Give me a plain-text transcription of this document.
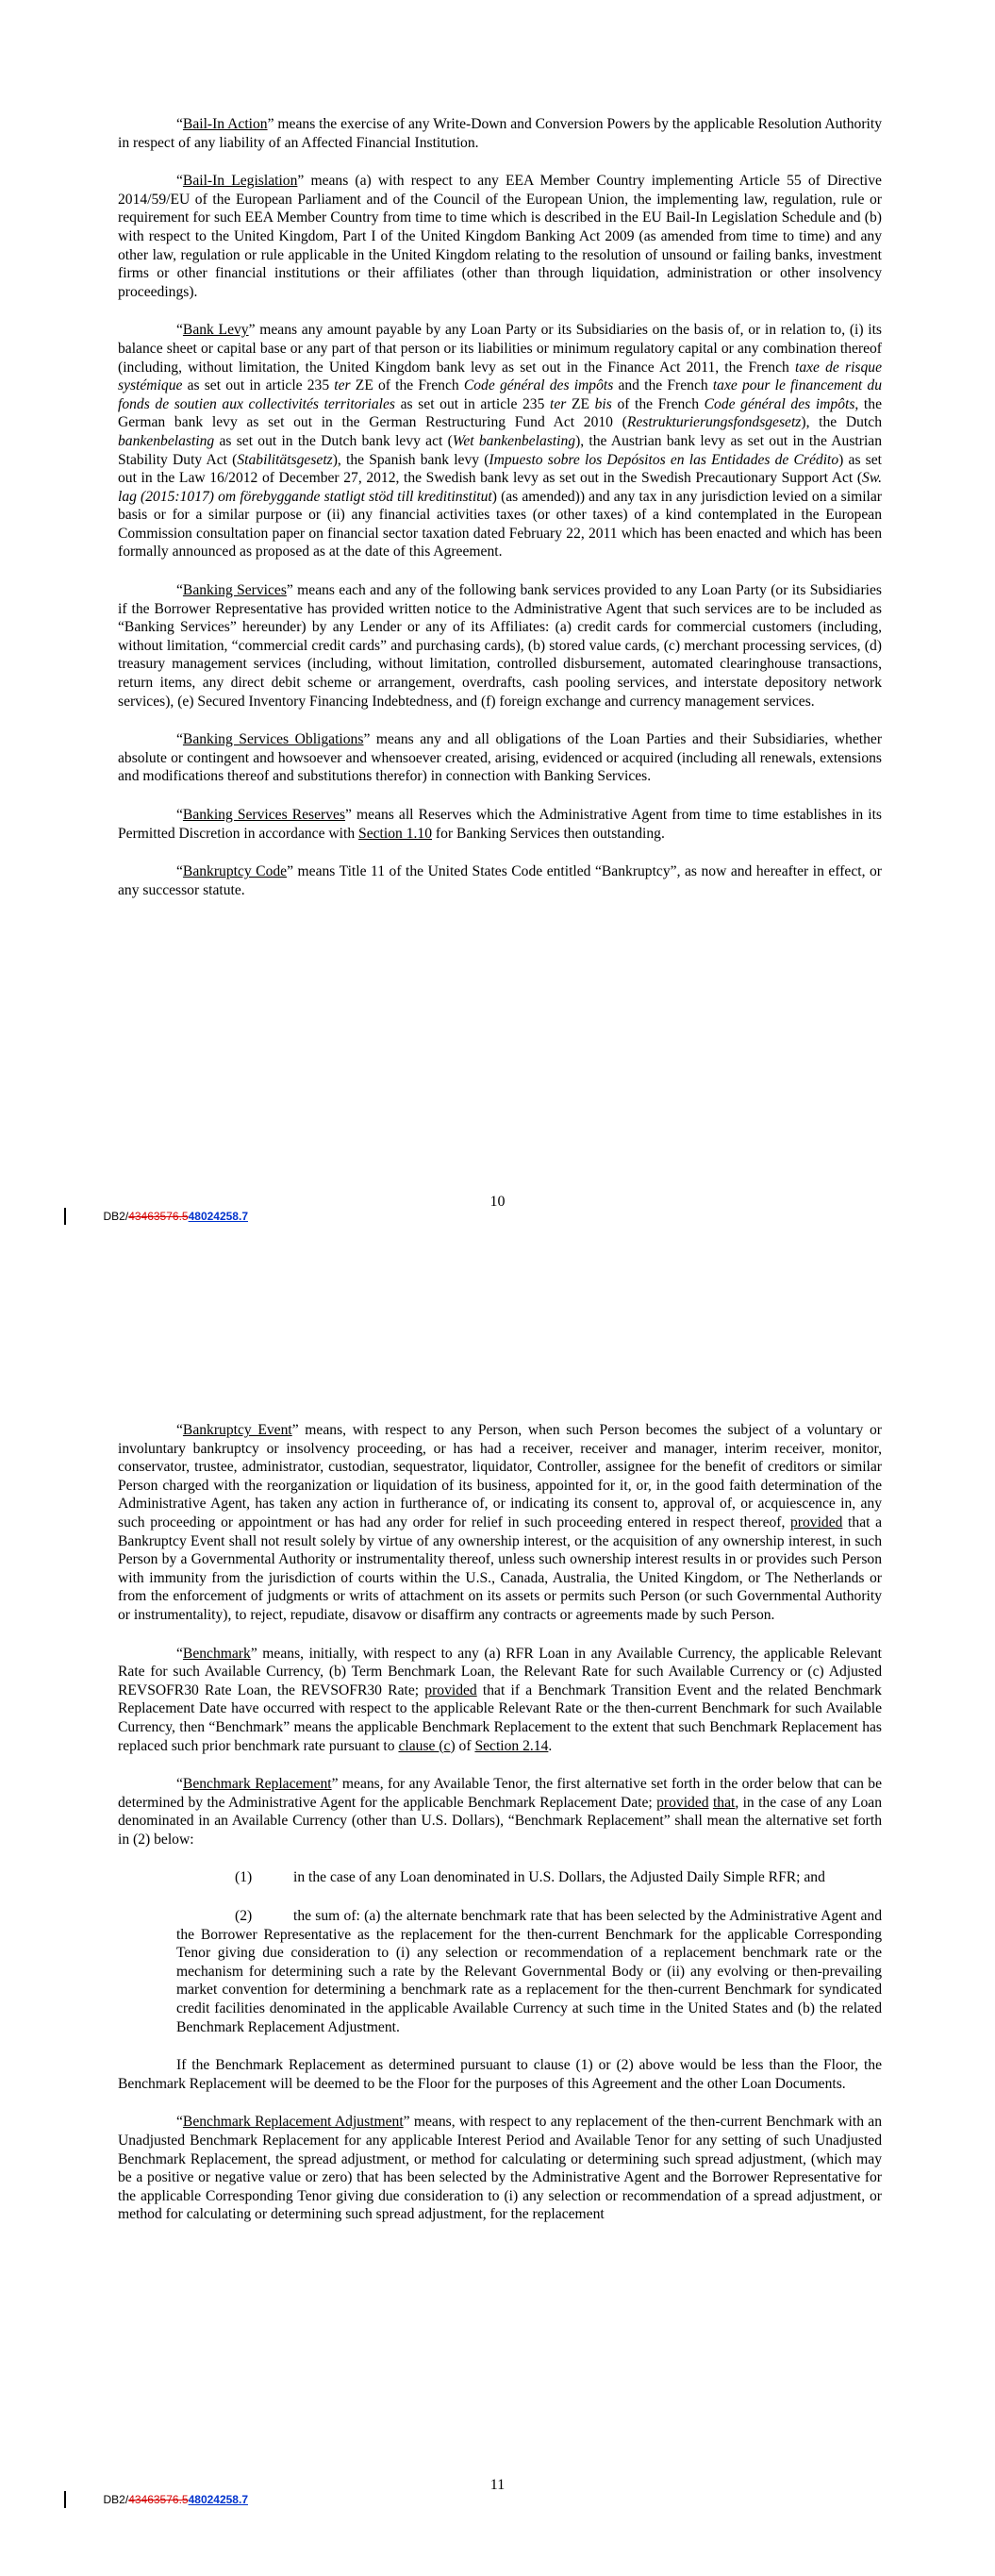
“Bail-In Action” means the exercise of any Write-Down and Conversion Powers by the applicable Resolution Authority in respect of any liability of an Affected Financial Institution.

“Bail-In Legislation” means (a) with respect to any EEA Member Country implementing Article 55 of Directive 2014/59/EU of the European Parliament and of the Council of the European Union, the implementing law, regulation, rule or requirement for such EEA Member Country from time to time which is described in the EU Bail-In Legislation Schedule and (b) with respect to the United Kingdom, Part I of the United Kingdom Banking Act 2009 (as amended from time to time) and any other law, regulation or rule applicable in the United Kingdom relating to the resolution of unsound or failing banks, investment firms or other financial institutions or their affiliates (other than through liquidation, administration or other insolvency proceedings).

“Bank Levy” means any amount payable by any Loan Party or its Subsidiaries on the basis of, or in relation to, (i) its balance sheet or capital base or any part of that person or its liabilities or minimum regulatory capital or any combination thereof (including, without limitation, the United Kingdom bank levy as set out in the Finance Act 2011, the French taxe de risque systémique as set out in article 235 ter ZE of the French Code général des impôts and the French taxe pour le financement du fonds de soutien aux collectivités territoriales as set out in article 235 ter ZE bis of the French Code général des impôts, the German bank levy as set out in the German Restructuring Fund Act 2010 (Restrukturierungsfondsgesetz), the Dutch bankenbelasting as set out in the Dutch bank levy act (Wet bankenbelasting), the Austrian bank levy as set out in the Austrian Stability Duty Act (Stabilitätsgesetz), the Spanish bank levy (Impuesto sobre los Depósitos en las Entidades de Crédito) as set out in the Law 16/2012 of December 27, 2012, the Swedish bank levy as set out in the Swedish Precautionary Support Act (Sw. lag (2015:1017) om förebyggande statligt stöd till kreditinstitut) (as amended)) and any tax in any jurisdiction levied on a similar basis or for a similar purpose or (ii) any financial activities taxes (or other taxes) of a kind contemplated in the European Commission consultation paper on financial sector taxation dated February 22, 2011 which has been enacted and which has been formally announced as proposed as at the date of this Agreement.

“Banking Services” means each and any of the following bank services provided to any Loan Party (or its Subsidiaries if the Borrower Representative has provided written notice to the Administrative Agent that such services are to be included as “Banking Services” hereunder) by any Lender or any of its Affiliates: (a) credit cards for commercial customers (including, without limitation, “commercial credit cards” and purchasing cards), (b) stored value cards, (c) merchant processing services, (d) treasury management services (including, without limitation, controlled disbursement, automated clearinghouse transactions, return items, any direct debit scheme or arrangement, overdrafts, cash pooling services, and interstate depository network services), (e) Secured Inventory Financing Indebtedness, and (f) foreign exchange and currency management services.

“Banking Services Obligations” means any and all obligations of the Loan Parties and their Subsidiaries, whether absolute or contingent and howsoever and whensoever created, arising, evidenced or acquired (including all renewals, extensions and modifications thereof and substitutions therefor) in connection with Banking Services.

“Banking Services Reserves” means all Reserves which the Administrative Agent from time to time establishes in its Permitted Discretion in accordance with Section 1.10 for Banking Services then outstanding.

“Bankruptcy Code” means Title 11 of the United States Code entitled “Bankruptcy”, as now and hereafter in effect, or any successor statute.

10
DB2/ 43463576.5 48024258.7

“Bankruptcy Event” means, with respect to any Person, when such Person becomes the subject of a voluntary or involuntary bankruptcy or insolvency proceeding, or has had a receiver, receiver and manager, interim receiver, monitor, conservator, trustee, administrator, custodian, sequestrator, liquidator, Controller, assignee for the benefit of creditors or similar Person charged with the reorganization or liquidation of its business, appointed for it, or, in the good faith determination of the Administrative Agent, has taken any action in furtherance of, or indicating its consent to, approval of, or acquiescence in, any such proceeding or appointment or has had any order for relief in such proceeding entered in respect thereof, provided that a Bankruptcy Event shall not result solely by virtue of any ownership interest, or the acquisition of any ownership interest, in such Person by a Governmental Authority or instrumentality thereof, unless such ownership interest results in or provides such Person with immunity from the jurisdiction of courts within the U.S., Canada, Australia, the United Kingdom, or The Netherlands or from the enforcement of judgments or writs of attachment on its assets or permits such Person (or such Governmental Authority or instrumentality), to reject, repudiate, disavow or disaffirm any contracts or agreements made by such Person.

“Benchmark” means, initially, with respect to any (a) RFR Loan in any Available Currency, the applicable Relevant Rate for such Available Currency, (b) Term Benchmark Loan, the Relevant Rate for such Available Currency or (c) Adjusted REVSOFR30 Rate Loan, the REVSOFR30 Rate; provided that if a Benchmark Transition Event and the related Benchmark Replacement Date have occurred with respect to the applicable Relevant Rate or the then-current Benchmark for such Available Currency, then “Benchmark” means the applicable Benchmark Replacement to the extent that such Benchmark Replacement has replaced such prior benchmark rate pursuant to clause (c) of Section 2.14.

“Benchmark Replacement” means, for any Available Tenor, the first alternative set forth in the order below that can be determined by the Administrative Agent for the applicable Benchmark Replacement Date; provided that, in the case of any Loan denominated in an Available Currency (other than U.S. Dollars), “Benchmark Replacement” shall mean the alternative set forth in (2) below:

(1)	in the case of any Loan denominated in U.S. Dollars, the Adjusted Daily Simple RFR; and

(2)	the sum of: (a) the alternate benchmark rate that has been selected by the Administrative Agent and the Borrower Representative as the replacement for the then-current Benchmark for the applicable Corresponding Tenor giving due consideration to (i) any selection or recommendation of a replacement benchmark rate or the mechanism for determining such a rate by the Relevant Governmental Body or (ii) any evolving or then-prevailing market convention for determining a benchmark rate as a replacement for the then-current Benchmark for syndicated credit facilities denominated in the applicable Available Currency at such time in the United States and (b) the related Benchmark Replacement Adjustment.

If the Benchmark Replacement as determined pursuant to clause (1) or (2) above would be less than the Floor, the Benchmark Replacement will be deemed to be the Floor for the purposes of this Agreement and the other Loan Documents.

“Benchmark Replacement Adjustment” means, with respect to any replacement of the then-current Benchmark with an Unadjusted Benchmark Replacement for any applicable Interest Period and Available Tenor for any setting of such Unadjusted Benchmark Replacement, the spread adjustment, or method for calculating or determining such spread adjustment, (which may be a positive or negative value or zero) that has been selected by the Administrative Agent and the Borrower Representative for the applicable Corresponding Tenor giving due consideration to (i) any selection or recommendation of a spread adjustment, or method for calculating or determining such spread adjustment, for the replacement

11
DB2/ 43463576.5 48024258.7
